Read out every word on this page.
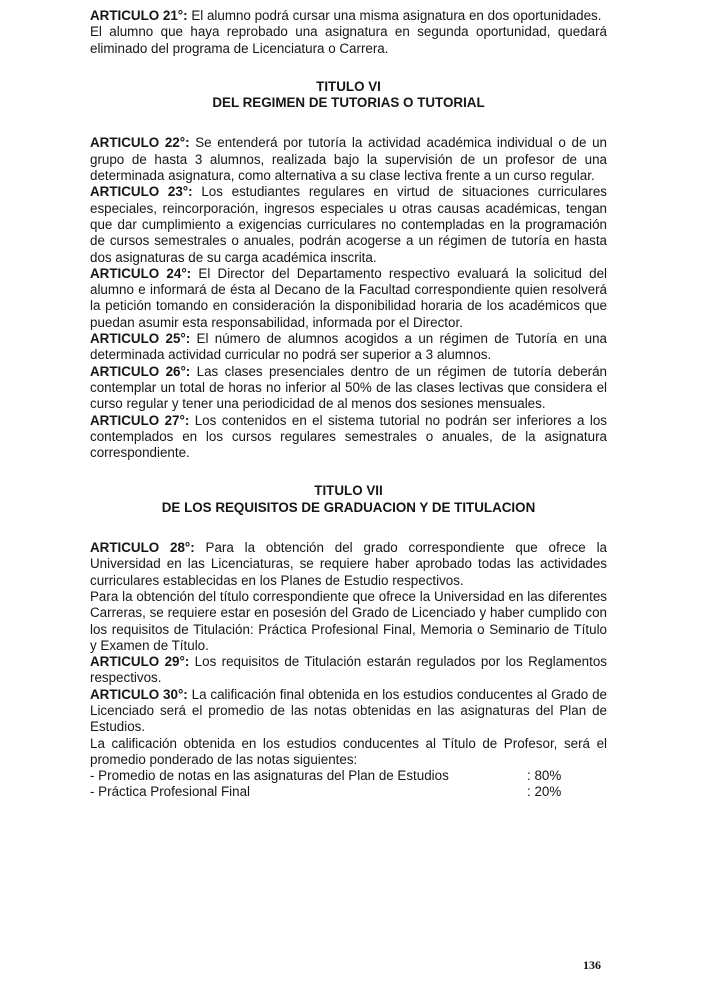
ARTICULO 21°: El alumno podrá cursar una misma asignatura en dos oportunidades.

El alumno que haya reprobado una asignatura en segunda oportunidad, quedará eliminado del programa de Licenciatura o Carrera.

TITULO VI
DEL REGIMEN DE TUTORIAS O TUTORIAL

ARTICULO 22°: Se entenderá por tutoría la actividad académica individual o de un grupo de hasta 3 alumnos, realizada bajo la supervisión de un profesor de una determinada asignatura, como alternativa a su clase lectiva frente a un curso regular.

ARTICULO 23°: Los estudiantes regulares en virtud de situaciones curriculares especiales, reincorporación, ingresos especiales u otras causas académicas, tengan que dar cumplimiento a exigencias curriculares no contempladas en la programación de cursos semestrales o anuales, podrán acogerse a un régimen de tutoría en hasta dos asignaturas de su carga académica inscrita.

ARTICULO 24°: El Director del Departamento respectivo evaluará la solicitud del alumno e informará de ésta al Decano de la Facultad correspondiente quien resolverá la petición tomando en consideración la disponibilidad horaria de los académicos que puedan asumir esta responsabilidad, informada por el Director.

ARTICULO 25°: El número de alumnos acogidos a un régimen de Tutoría en una determinada actividad curricular no podrá ser superior a 3 alumnos.

ARTICULO 26°: Las clases presenciales dentro de un régimen de tutoría deberán contemplar un total de horas no inferior al 50% de las clases lectivas que considera el curso regular y tener una periodicidad de al menos dos sesiones mensuales.

ARTICULO 27°: Los contenidos en el sistema tutorial no podrán ser inferiores a los contemplados en los cursos regulares semestrales o anuales, de la asignatura correspondiente.

TITULO VII
DE LOS REQUISITOS DE GRADUACION Y DE TITULACION

ARTICULO 28°: Para la obtención del grado correspondiente que ofrece la Universidad en las Licenciaturas, se requiere haber aprobado todas las actividades curriculares establecidas en los Planes de Estudio respectivos.

Para la obtención del título correspondiente que ofrece la Universidad en las diferentes Carreras, se requiere estar en posesión del Grado de Licenciado y haber cumplido con los requisitos de Titulación: Práctica Profesional Final, Memoria o Seminario de Título y Examen de Título.

ARTICULO 29°: Los requisitos de Titulación estarán regulados por los Reglamentos respectivos.

ARTICULO 30°: La calificación final obtenida en los estudios conducentes al Grado de Licenciado será el promedio de las notas obtenidas en las asignaturas del Plan de Estudios.

La calificación obtenida en los estudios conducentes al Título de Profesor, será el promedio ponderado de las notas siguientes:

- Promedio de notas en las asignaturas del Plan de Estudios	: 80%
- Práctica Profesional Final	: 20%
136
